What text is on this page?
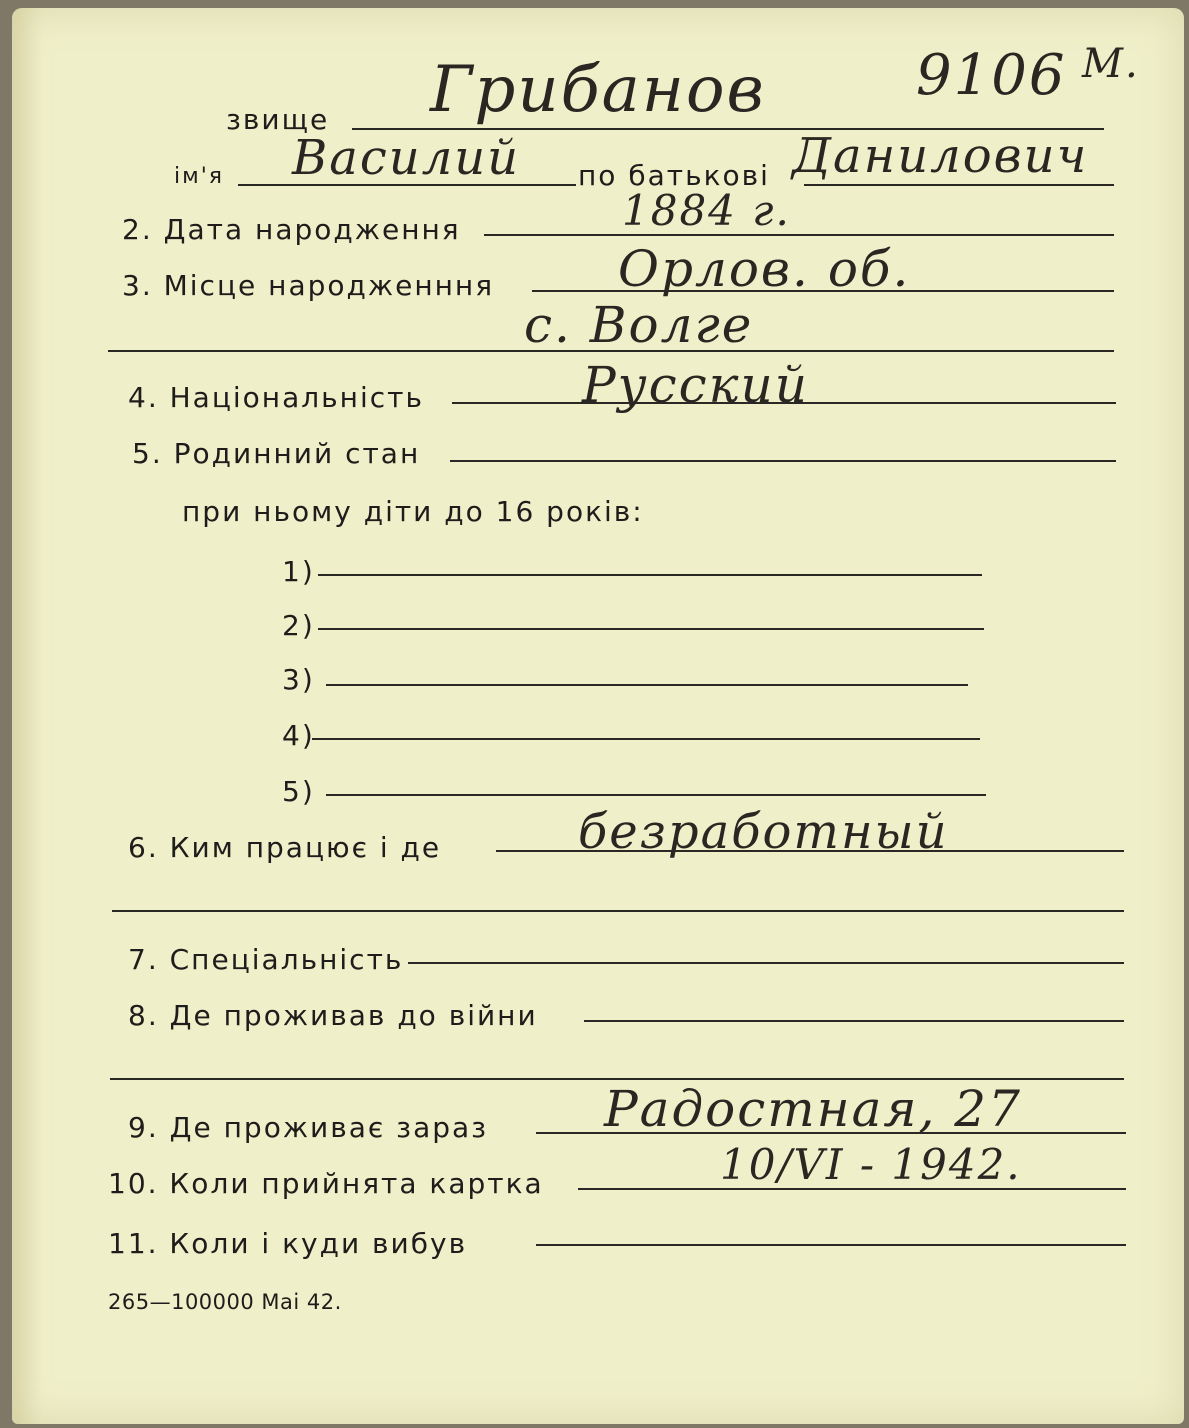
звище Грибанов	9106 М.
ім'я Василий по батькові Данилович
2. Дата народження	1884 г.
3. Місце народженння Орлов. об.
с. Волге
4. Національність	Русский
5. Родинний стан
при ньому діти до 16 років:
1)
2)
3)
4)
5)
6. Ким працює і де	безработный
7. Спеціальність
8. Де проживав до війни
9. Де проживає зараз Радостная, 27
10. Коли прийнята картка	10/VI - 1942.
11. Коли і куди вибув
265—100000 Mai 42.
